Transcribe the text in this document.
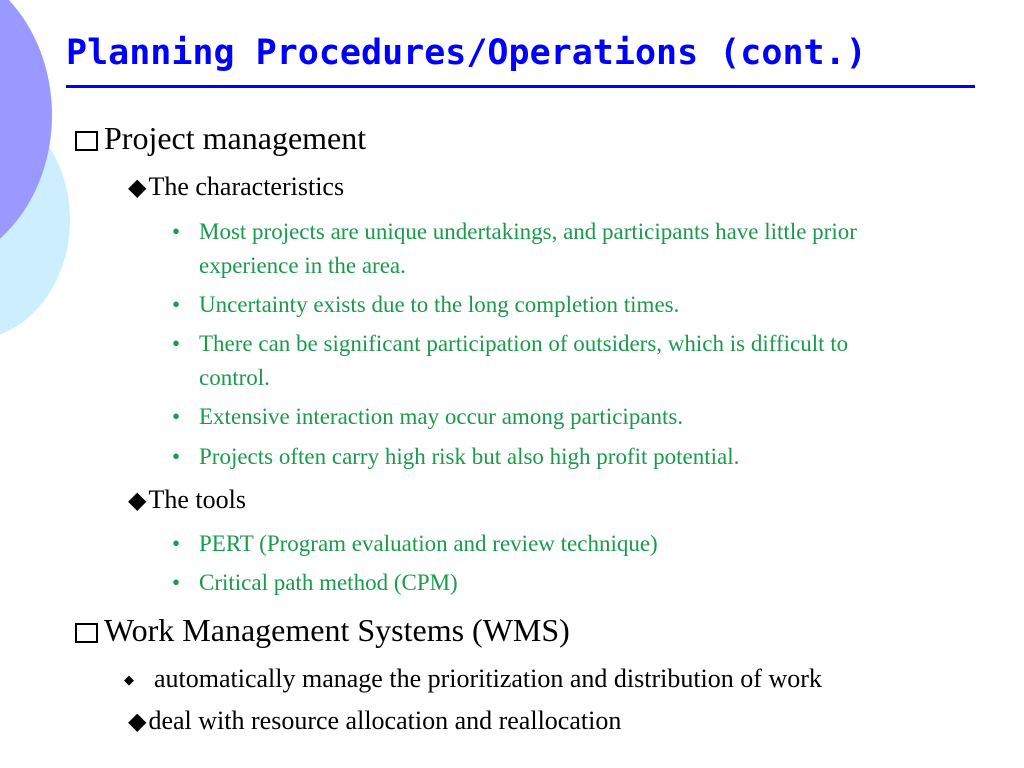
Planning Procedures/Operations (cont.)
Project management
◆ The characteristics
• Most projects are unique undertakings, and participants have little prior experience in the area.
• Uncertainty exists due to the long completion times.
• There can be significant participation of outsiders, which is difficult to control.
• Extensive interaction may occur among participants.
• Projects often carry high risk but also high profit potential.
◆ The tools
• PERT (Program evaluation and review technique)
• Critical path method (CPM)
Work Management Systems (WMS)
◆ automatically manage the prioritization and distribution of work
◆ deal with resource allocation and reallocation
